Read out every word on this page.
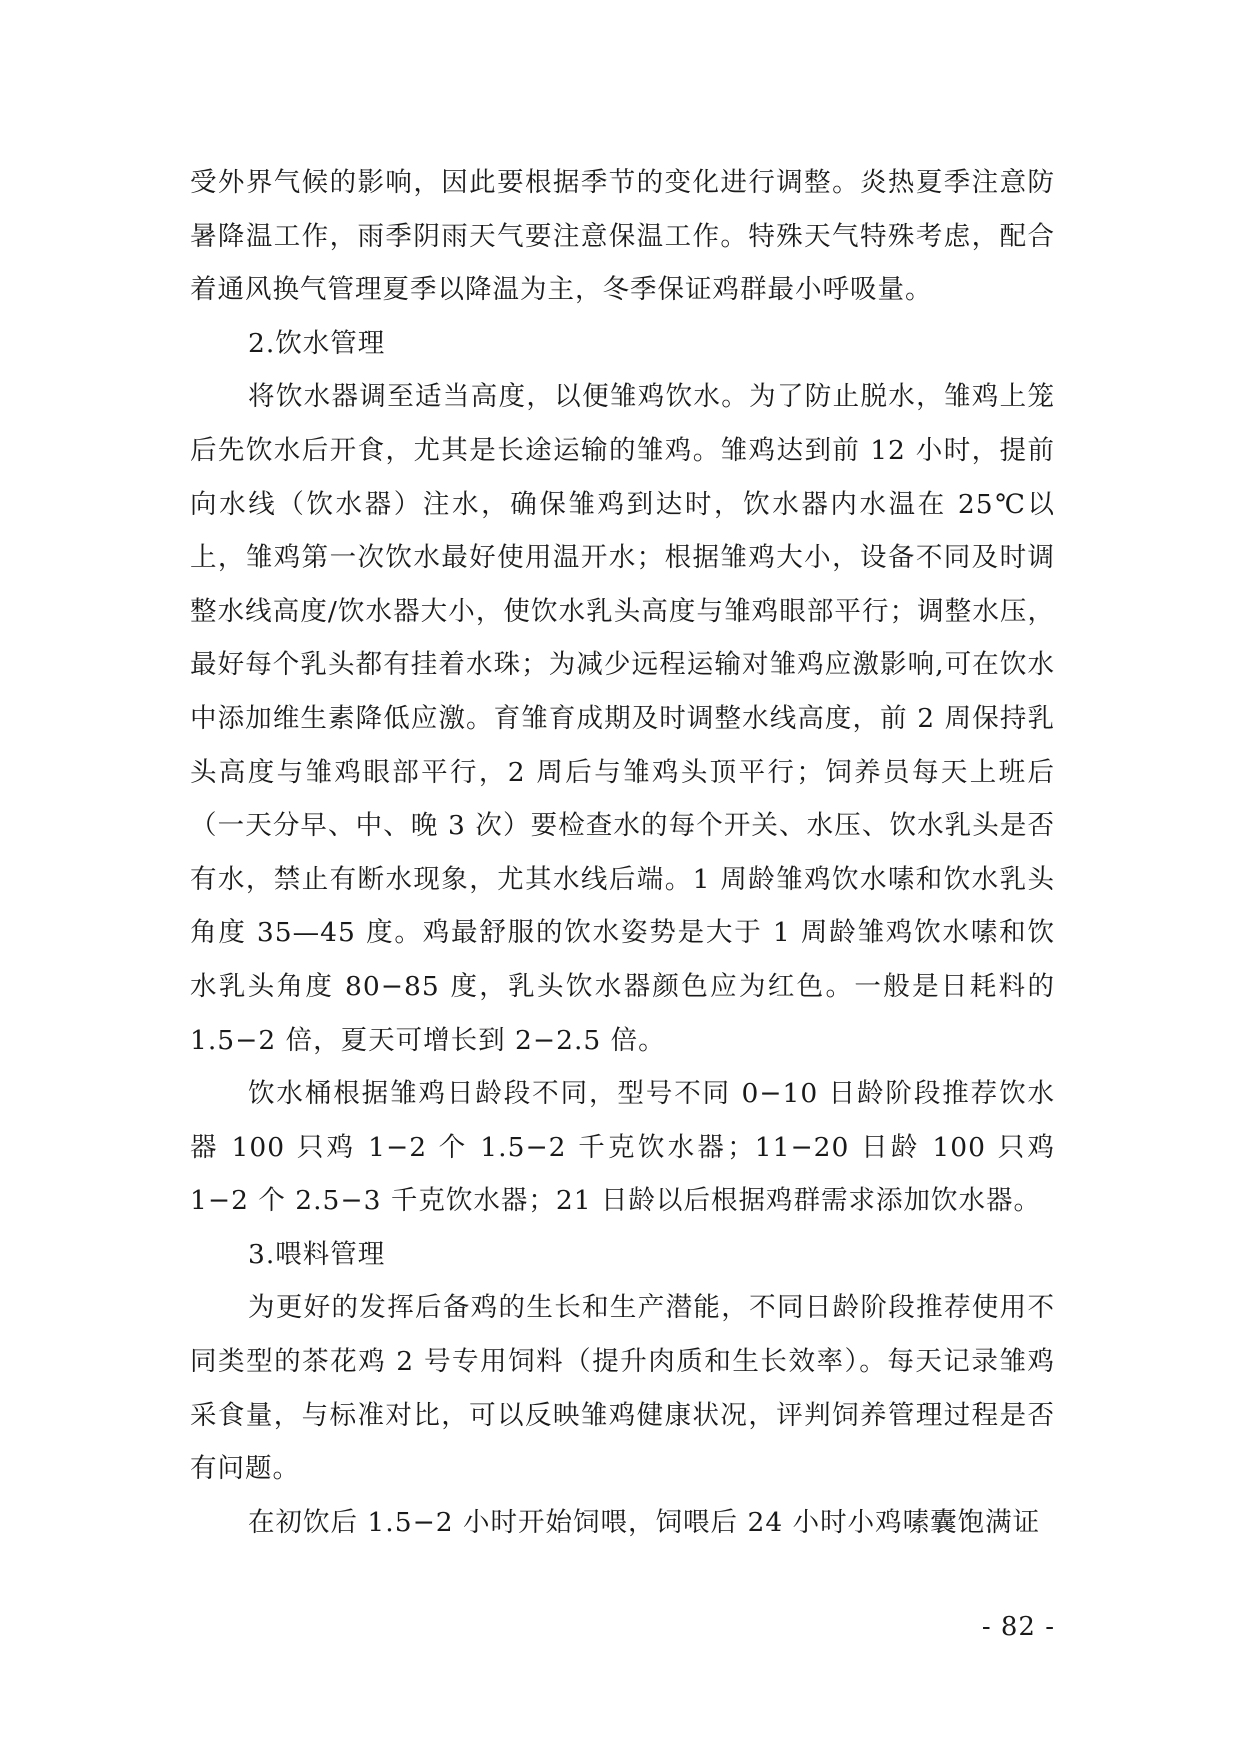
受外界气候的影响，因此要根据季节的变化进行调整。炎热夏季注意防暑降温工作，雨季阴雨天气要注意保温工作。特殊天气特殊考虑，配合着通风换气管理夏季以降温为主，冬季保证鸡群最小呼吸量。

2.饮水管理

将饮水器调至适当高度，以便雏鸡饮水。为了防止脱水，雏鸡上笼后先饮水后开食，尤其是长途运输的雏鸡。雏鸡达到前 12 小时，提前向水线（饮水器）注水，确保雏鸡到达时，饮水器内水温在 25℃以上，雏鸡第一次饮水最好使用温开水；根据雏鸡大小，设备不同及时调整水线高度/饮水器大小，使饮水乳头高度与雏鸡眼部平行；调整水压，最好每个乳头都有挂着水珠；为减少远程运输对雏鸡应激影响,可在饮水中添加维生素降低应激。育雏育成期及时调整水线高度，前 2 周保持乳头高度与雏鸡眼部平行，2 周后与雏鸡头顶平行；饲养员每天上班后（一天分早、中、晚 3 次）要检查水的每个开关、水压、饮水乳头是否有水，禁止有断水现象，尤其水线后端。1 周龄雏鸡饮水嗉和饮水乳头角度 35—45 度。鸡最舒服的饮水姿势是大于 1 周龄雏鸡饮水嗉和饮水乳头角度 80−85 度，乳头饮水器颜色应为红色。一般是日耗料的 1.5−2 倍，夏天可增长到 2−2.5 倍。

饮水桶根据雏鸡日龄段不同，型号不同 0−10 日龄阶段推荐饮水器 100 只鸡 1−2 个 1.5−2 千克饮水器；11−20 日龄 100 只鸡 1−2 个 2.5−3 千克饮水器；21 日龄以后根据鸡群需求添加饮水器。

3.喂料管理

为更好的发挥后备鸡的生长和生产潜能，不同日龄阶段推荐使用不同类型的茶花鸡 2 号专用饲料（提升肉质和生长效率）。每天记录雏鸡采食量，与标准对比，可以反映雏鸡健康状况，评判饲养管理过程是否有问题。

在初饮后 1.5−2 小时开始饲喂，饲喂后 24 小时小鸡嗉囊饱满证

- 82 -
